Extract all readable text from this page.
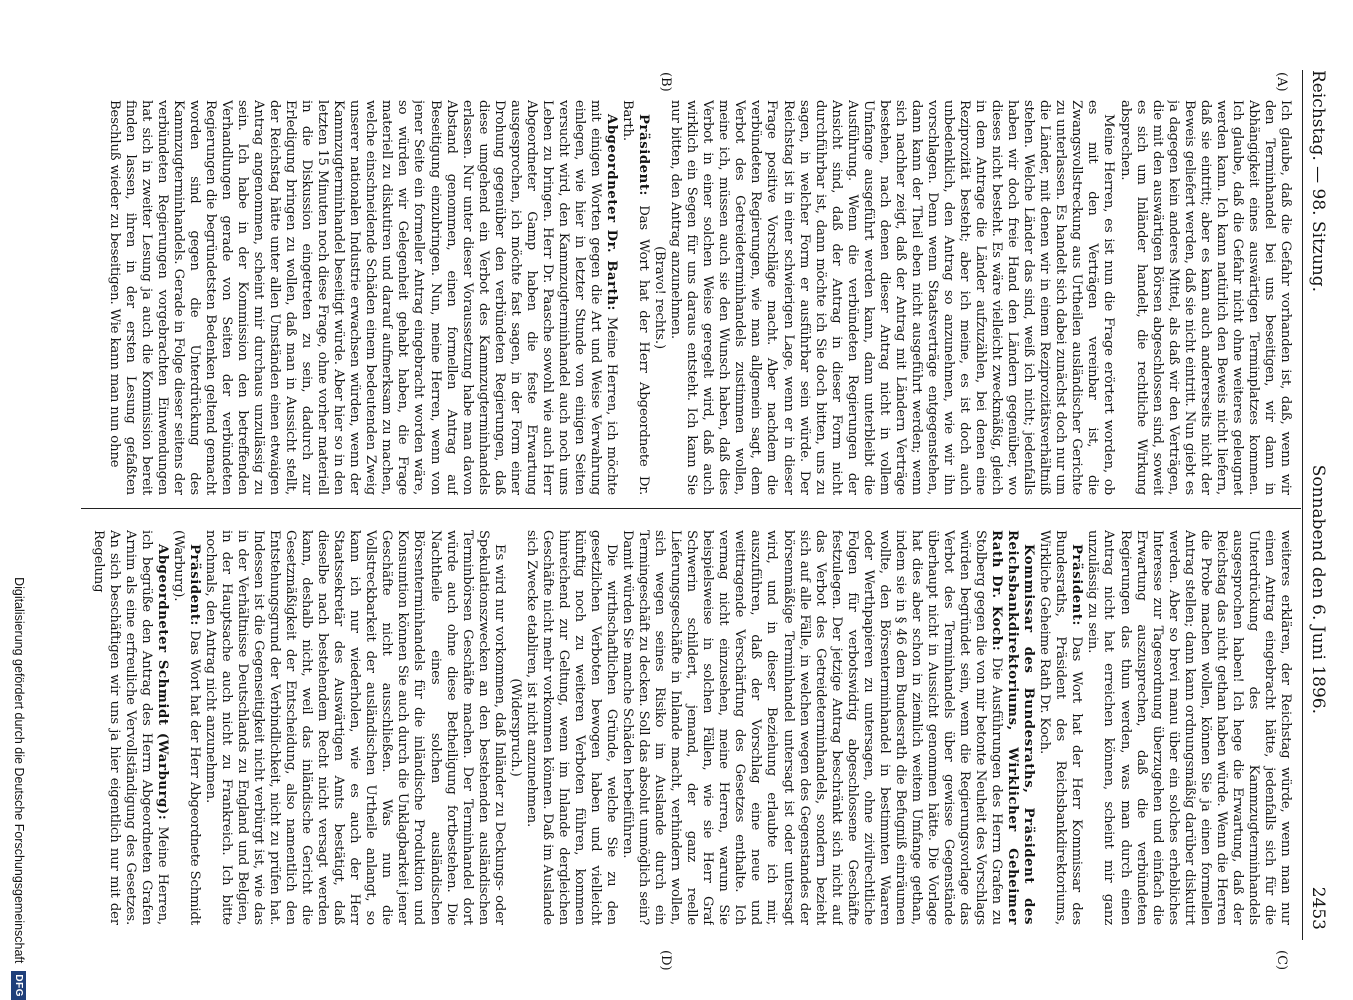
Reichstag. — 98. Sitzung.
Sonnabend den 6. Juni 1896.
2453
(A)
(B)
(C)
(D)

Ich glaube, daß die Gefahr vorhanden ist, daß, wenn wir den Terminhandel bei uns beseitigen, wir dann in Abhängigkeit eines auswärtigen Terminplatzes kommen. Ich glaube, daß die Gefahr nicht ohne weiteres geleugnet werden kann. Ich kann natürlich den Beweis nicht liefern, daß sie eintritt; aber es kann auch andererseits nicht der Beweis geliefert werden, daß sie nicht eintritt. Nun giebt es ja dagegen kein anderes Mittel, als daß wir den Verträgen, die mit den auswärtigen Börsen abgeschlossen sind, soweit es sich um Inländer handelt, die rechtliche Wirkung absprechen.

Meine Herren, es ist nun die Frage erörtert worden, ob es mit den Verträgen vereinbar ist, die Zwangsvollstreckung aus Urtheilen ausländischer Gerichte zu unterlassen. Es handelt sich dabei zunächst doch nur um die Länder, mit denen wir in einem Reziprozitätsverhältniß stehen. Welche Länder das sind, weiß ich nicht; jedenfalls haben wir doch freie Hand den Ländern gegenüber, wo dieses nicht besteht. Es wäre vielleicht zweckmäßig, gleich in dem Antrage die Länder aufzuzählen, bei denen eine Reziprozität besteht; aber ich meine, es ist doch auch unbedenklich, den Antrag so anzunehmen, wie wir ihn vorschlagen. Denn wenn Staatsverträge entgegenstehen, dann kann der Theil eben nicht ausgeführt werden; wenn sich nachher zeigt, daß der Antrag mit Ländern Verträge bestehen, nach denen dieser Antrag nicht in vollem Umfange ausgeführt werden kann, dann unterbleibt die Ausführung. Wenn die verbündeten Regierungen der Ansicht sind, daß der Antrag in dieser Form nicht durchführbar ist, dann möchte ich Sie doch bitten, uns zu sagen, in welcher Form er ausführbar sein würde. Der Reichstag ist in einer schwierigen Lage, wenn er in dieser Frage positive Vorschläge macht. Aber nachdem die verbündeten Regierungen, wie man allgemein sagt, dem Verbot des Getreideterminhandels zustimmen wollen, meine ich, müssen auch sie den Wunsch haben, daß dies Verbot in einer solchen Weise geregelt wird, daß auch wirklich ein Segen für uns daraus entsteht. Ich kann Sie nur bitten, den Antrag anzunehmen.

(Bravo! rechts.)

Präsident: Das Wort hat der Herr Abgeordnete Dr. Barth.

Abgeordneter Dr. Barth: Meine Herren, ich möchte mit einigen Worten gegen die Art und Weise Verwahrung einlegen, wie hier in letzter Stunde von einigen Seiten versucht wird, den Kammzugterminhandel auch noch ums Leben zu bringen. Herr Dr. Paasche sowohl wie auch Herr Abgeordneter Gamp haben die feste Erwartung ausgesprochen, ich möchte fast sagen, in der Form einer Drohung gegenüber den verbündeten Regierungen, daß diese umgehend ein Verbot des Kammzugterminhandels erlassen. Nur unter dieser Voraussetzung habe man davon Abstand genommen, einen formellen Antrag auf Beseitigung einzubringen. Nun, meine Herren, wenn von jener Seite ein formeller Antrag eingebracht worden wäre, so würden wir Gelegenheit gehabt haben, die Frage materiell zu diskutiren und darauf aufmerksam zu machen, welche einschneidende Schäden einem bedeutenden Zweig unserer nationalen Industrie erwachsen würden, wenn der Kammzugterminhandel beseitigt würde. Aber hier so in den letzten 15 Minuten noch diese Frage, ohne vorher materiell in die Diskussion eingetreten zu sein, dadurch zur Erledigung bringen zu wollen, daß man in Aussicht stellt, der Reichstag hätte unter allen Umständen einen etwaigen Antrag angenommen, scheint mir durchaus unzulässig zu sein. Ich habe in der Kommission den betreffenden Verhandlungen gerade von Seiten der verbündeten Regierungen die begründetsten Bedenken geltend gemacht worden sind gegen die Unterdrückung des Kammzugterminhandels. Gerade in Folge dieser seitens der verbündeten Regierungen vorgebrachten Einwendungen hat sich in zweiter Lesung ja auch die Kommission bereit finden lassen, ihren in der ersten Lesung gefaßten Beschluß wieder zu beseitigen. Wie kann man nun ohne

weiteres erklären, der Reichstag würde, wenn man nur einen Antrag eingebracht hätte, jedenfalls sich für die Unterdrückung des Kammzugterminhandels ausgesprochen haben! Ich hege die Erwartung, daß der Reichstag das nicht gethan haben würde. Wenn die Herren die Probe machen wollen, können Sie ja einen formellen Antrag stellen; dann kann ordnungsmäßig darüber diskutirt werden. Aber so brevi manu über ein solches erhebliches Interesse zur Tagesordnung überzugehen und einfach die Erwartung auszusprechen, daß die verbündeten Regierungen das thun werden, was man durch einen Antrag nicht hat erreichen können, scheint mir ganz unzulässig zu sein.

Präsident: Das Wort hat der Herr Kommissar des Bundesraths, Präsident des Reichsbankdirektoriums, Wirkliche Geheime Rath Dr. Koch.

Kommissar des Bundesraths, Präsident des Reichsbankdirektoriums, Wirklicher Geheimer Rath Dr. Koch: Die Ausführungen des Herrn Grafen zu Stolberg gegen die von mir betonte Neuheit des Vorschlags würden begründet sein, wenn die Regierungsvorlage das Verbot des Terminhandels über gewisse Gegenstände überhaupt nicht in Aussicht genommen hätte. Die Vorlage hat dies aber schon in ziemlich weitem Umfange gethan, indem sie in § 46 dem Bundesrath die Befugniß einräumen wollte, den Börsenterminhandel in bestimmten Waaren oder Werthpapieren zu untersagen, ohne zivilrechtliche Folgen für verbotswidrig abgeschlossene Geschäfte festzulegen. Der jetzige Antrag beschränkt sich nicht auf das Verbot des Getreideterminhandels, sondern bezieht sich auf alle Fälle, in welchen wegen des Gegenstandes der börsenmäßige Terminhandel untersagt ist oder untersagt wird, und in dieser Beziehung erlaubte ich mir, auszuführen, daß der Vorschlag eine neue und weittragende Verschärfung des Gesetzes enthalte. Ich vermag nicht einzusehen, meine Herren, warum Sie beispielsweise in solchen Fällen, wie sie Herr Graf Schwerin schildert, jemand, der ganz reelle Lieferungsgeschäfte in Inlande macht, verhindern wollen, sich wegen seines Risiko im Auslande durch ein Termingeschäft zu decken. Soll das absolut unmöglich sein? Damit würden Sie manche Schäden herbeiführen.

Die wirthschaftlichen Gründe, welche Sie zu den gesetzlichen Verboten bewogen haben und vielleicht künftig noch zu weiteren Verboten führen, kommen hinreichend zur Geltung, wenn im Inlande dergleichen Geschäfte nicht mehr vorkommen können. Daß im Auslande sich Zwecke etabliren, ist nicht anzunehmen.

(Widerspruch.)

Es wird nur vorkommen, daß Inländer zu Deckungs- oder Spekulationszwecken an den bestehenden ausländischen Terminbörsen Geschäfte machen. Der Terminhandel dort würde auch ohne diese Betheiligung fortbestehen. Die Nachtheile eines solchen ausländischen Börsenterminhandels für die inländische Produktion und Konsumtion können Sie auch durch die Unklagbarkeit jener Geschäfte nicht ausschließen. Was nun die Vollstreckbarkeit der ausländischen Urtheile anlangt, so kann ich nur wiederholen, wie es auch der Herr Staatssekretär des Auswärtigen Amts bestätigt, daß dieselbe nach bestehendem Recht nicht versagt werden kann, deshalb nicht, weil das inländische Gericht die Gesetzmäßigkeit der Entscheidung, also namentlich den Entstehungsgrund der Verbindlichkeit, nicht zu prüfen hat. Indessen ist die Gegenseitigkeit nicht verbürgt ist, wie das in der Verhältnisse Deutschlands zu England und Belgien, in der Hauptsache auch nicht zu Frankreich. Ich bitte nochmals, den Antrag nicht anzunehmen.

Präsident: Das Wort hat der Herr Abgeordnete Schmidt (Warburg).

Abgeordneter Schmidt (Warburg): Meine Herren, ich begrüße den Antrag des Herrn Abgeordneten Grafen Arnim als eine erfreuliche Vervollständigung des Gesetzes. An sich beschäftigen wir uns ja hier eigentlich nur mit der Regelung

Digitalisierung gefördert durch die Deutsche Forschungsgemeinschaft
DFG
